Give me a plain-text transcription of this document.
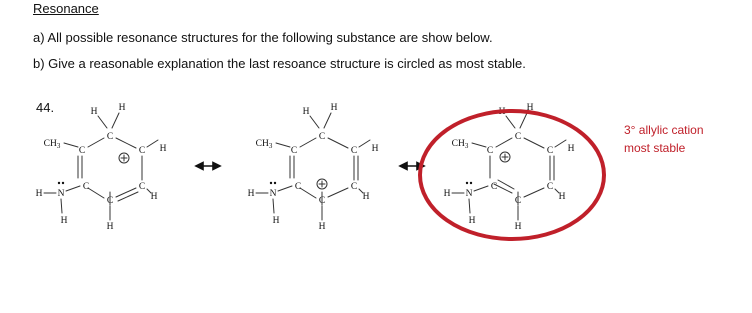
Resonance
a) All possible resonance structures for the following substance are show below.
b) Give a reasonable explanation the last resoance structure is circled as most stable.
44.
3° allylic cation
most stable
C
C
C
C
C
C
H H
H
H
H
$CH_3$
N
H
H
C
C
C
C
C
C
H H
H
H
H
$CH_3$
N
H
H
C
C
C
C
C
C
H H
H
H
H
$CH_3$
N
H
H
